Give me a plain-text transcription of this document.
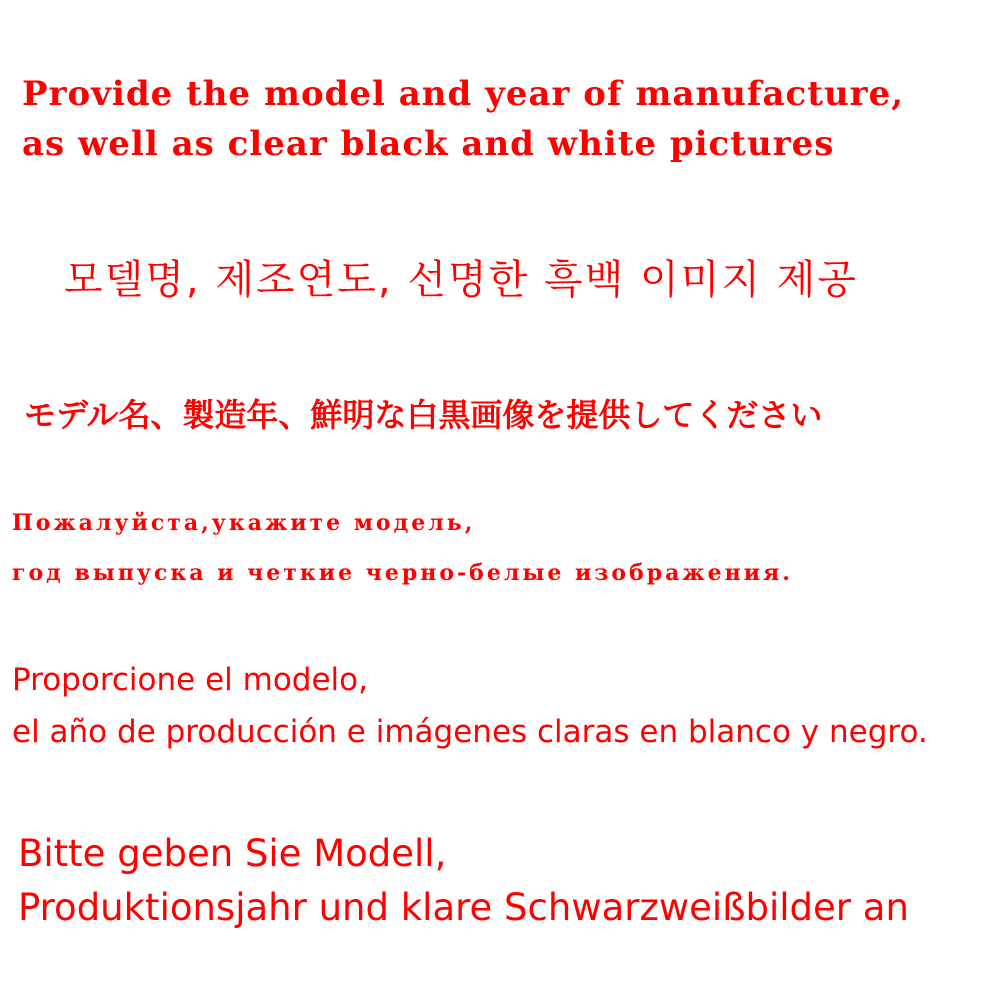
Provide the model and year of manufacture,

as well as clear black and white pictures

모델명, 제조연도, 선명한 흑백 이미지 제공

モデル名、製造年、鮮明な白黒画像を提供してください

Пожалуйста,укажите модель,

год выпуска и четкие черно-белые изображения.

Proporcione el modelo,

el año de producción e imágenes claras en blanco y negro.

Bitte geben Sie Modell,

Produktionsjahr und klare Schwarzweißbilder an
